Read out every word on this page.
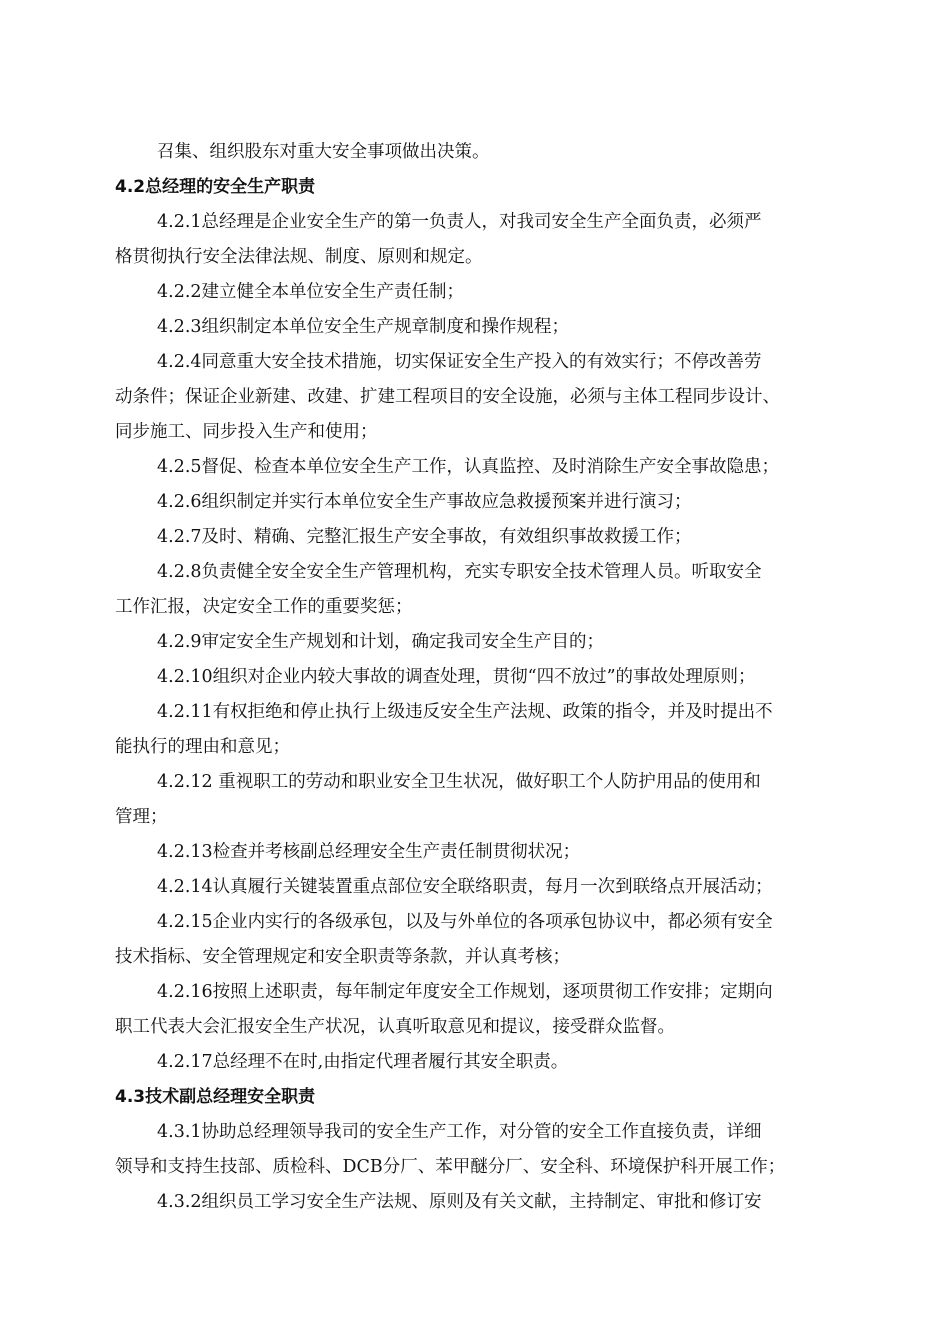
召集、组织股东对重大安全事项做出决策。
4.2总经理的安全生产职责
4.2.1总经理是企业安全生产的第一负责人，对我司安全生产全面负责，必须严
格贯彻执行安全法律法规、制度、原则和规定。
4.2.2建立健全本单位安全生产责任制；
4.2.3组织制定本单位安全生产规章制度和操作规程；
4.2.4同意重大安全技术措施，切实保证安全生产投入的有效实行；不停改善劳
动条件；保证企业新建、改建、扩建工程项目的安全设施，必须与主体工程同步设计、
同步施工、同步投入生产和使用；
4.2.5督促、检查本单位安全生产工作，认真监控、及时消除生产安全事故隐患；
4.2.6组织制定并实行本单位安全生产事故应急救援预案并进行演习；
4.2.7及时、精确、完整汇报生产安全事故，有效组织事故救援工作；
4.2.8负责健全安全安全生产管理机构，充实专职安全技术管理人员。听取安全
工作汇报，决定安全工作的重要奖惩；
4.2.9审定安全生产规划和计划，确定我司安全生产目的；
4.2.10组织对企业内较大事故的调查处理，贯彻“四不放过”的事故处理原则；
4.2.11有权拒绝和停止执行上级违反安全生产法规、政策的指令，并及时提出不
能执行的理由和意见；
4.2.12 重视职工的劳动和职业安全卫生状况，做好职工个人防护用品的使用和
管理；
4.2.13检查并考核副总经理安全生产责任制贯彻状况；
4.2.14认真履行关键装置重点部位安全联络职责，每月一次到联络点开展活动；
4.2.15企业内实行的各级承包，以及与外单位的各项承包协议中，都必须有安全
技术指标、安全管理规定和安全职责等条款，并认真考核；
4.2.16按照上述职责，每年制定年度安全工作规划，逐项贯彻工作安排；定期向
职工代表大会汇报安全生产状况，认真听取意见和提议，接受群众监督。
4.2.17总经理不在时,由指定代理者履行其安全职责。
4.3技术副总经理安全职责
4.3.1协助总经理领导我司的安全生产工作，对分管的安全工作直接负责，详细
领导和支持生技部、质检科、DCB分厂、苯甲醚分厂、安全科、环境保护科开展工作；
4.3.2组织员工学习安全生产法规、原则及有关文献，主持制定、审批和修订安
